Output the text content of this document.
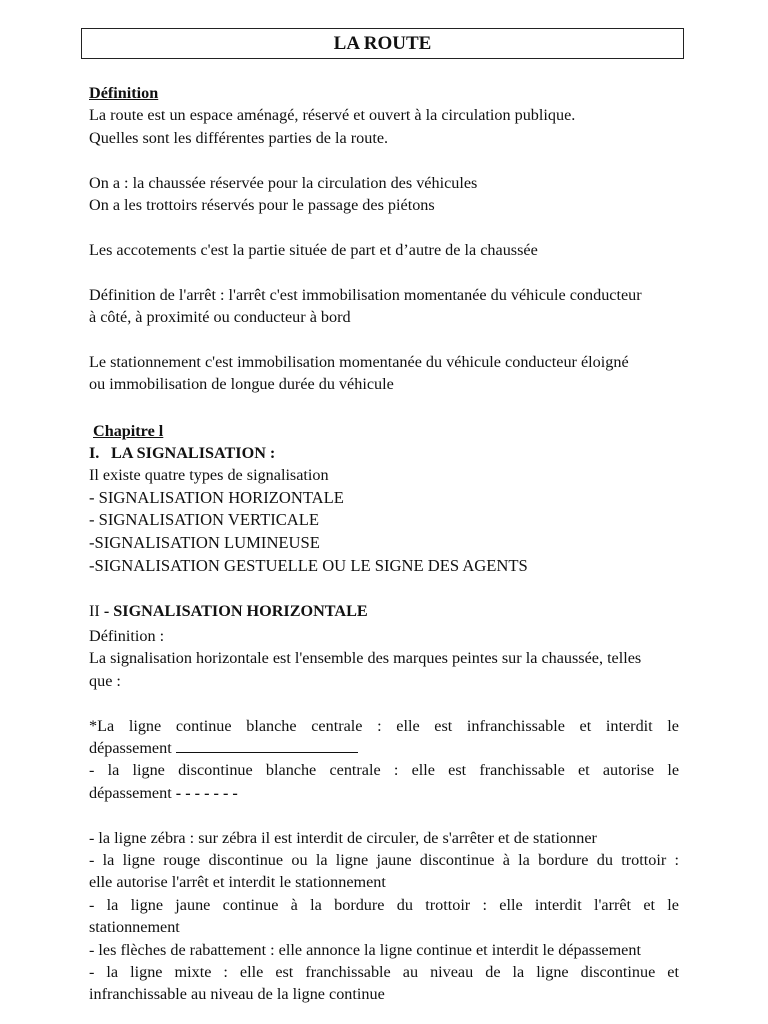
LA ROUTE
Définition
La route est un espace aménagé, réservé et ouvert à la circulation publique.
Quelles sont les différentes parties de la route.
On a : la chaussée réservée pour la circulation des véhicules
On a les trottoirs réservés pour le passage des piétons
Les accotements c'est la partie située de part et d’autre de la chaussée
Définition de l'arrêt : l'arrêt c'est immobilisation momentanée du véhicule conducteur
à côté, à proximité ou conducteur à bord
Le stationnement c'est immobilisation momentanée du véhicule conducteur éloigné
ou immobilisation de longue durée du véhicule
Chapitre l
I. LA SIGNALISATION :
Il existe quatre types de signalisation
- SIGNALISATION HORIZONTALE
- SIGNALISATION VERTICALE
-SIGNALISATION LUMINEUSE
-SIGNALISATION GESTUELLE OU LE SIGNE DES AGENTS
II - SIGNALISATION HORIZONTALE
Définition :
La signalisation horizontale est l'ensemble des marques peintes sur la chaussée, telles
que :
*La ligne continue blanche centrale : elle est infranchissable et interdit le
dépassement
- la ligne discontinue blanche centrale : elle est franchissable et autorise le
dépassement - - - - - - -
- la ligne zébra : sur zébra il est interdit de circuler, de s'arrêter et de stationner
- la ligne rouge discontinue ou la ligne jaune discontinue à la bordure du trottoir :
elle autorise l'arrêt et interdit le stationnement
- la ligne jaune continue à la bordure du trottoir : elle interdit l'arrêt et le
stationnement
- les flèches de rabattement : elle annonce la ligne continue et interdit le dépassement
- la ligne mixte : elle est franchissable au niveau de la ligne discontinue et
infranchissable au niveau de la ligne continue
